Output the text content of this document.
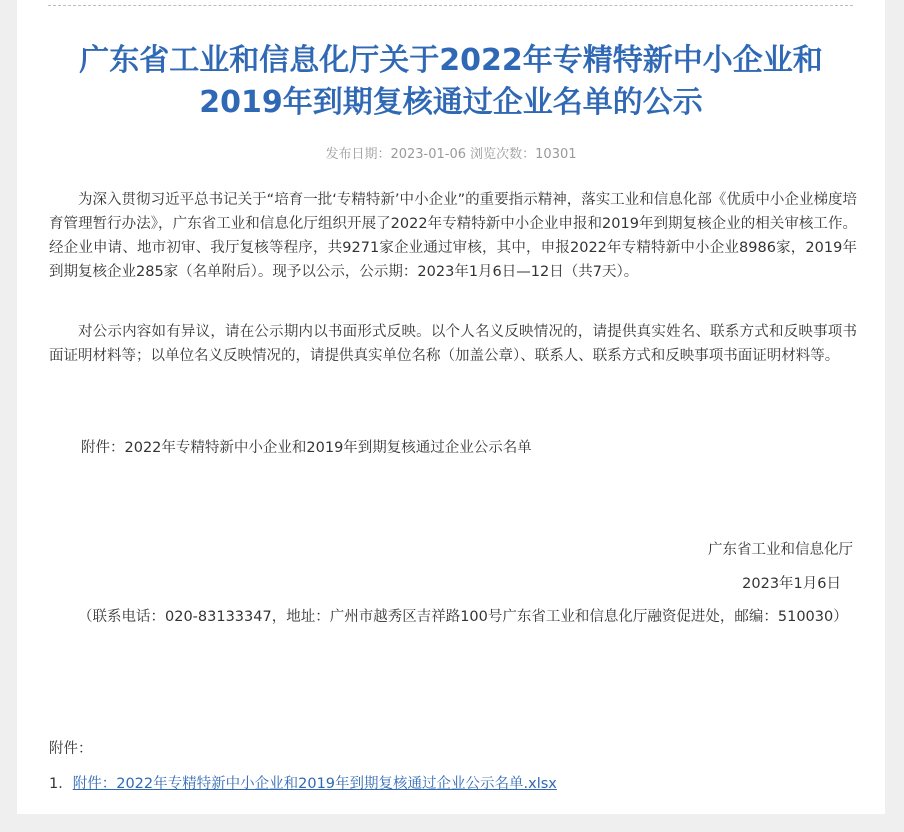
广东省工业和信息化厅关于2022年专精特新中小企业和
2019年到期复核通过企业名单的公示
发布日期：2023-01-06 浏览次数：10301

为深入贯彻习近平总书记关于“培育一批‘专精特新’中小企业”的重要指示精神，落实工业和信息化部《优质中小企业梯度培育管理暂行办法》，广东省工业和信息化厅组织开展了2022年专精特新中小企业申报和2019年到期复核企业的相关审核工作。经企业申请、地市初审、我厅复核等程序，共9271家企业通过审核，其中，申报2022年专精特新中小企业8986家，2019年到期复核企业285家（名单附后）。现予以公示，公示期：2023年1月6日—12日（共7天）。

对公示内容如有异议，请在公示期内以书面形式反映。以个人名义反映情况的，请提供真实姓名、联系方式和反映事项书面证明材料等；以单位名义反映情况的，请提供真实单位名称（加盖公章）、联系人、联系方式和反映事项书面证明材料等。

附件：2022年专精特新中小企业和2019年到期复核通过企业公示名单
广东省工业和信息化厅
2023年1月6日

（联系电话：020-83133347，地址：广州市越秀区吉祥路100号广东省工业和信息化厅融资促进处，邮编：510030）

附件：
1．附件：2022年专精特新中小企业和2019年到期复核通过企业公示名单.xlsx
